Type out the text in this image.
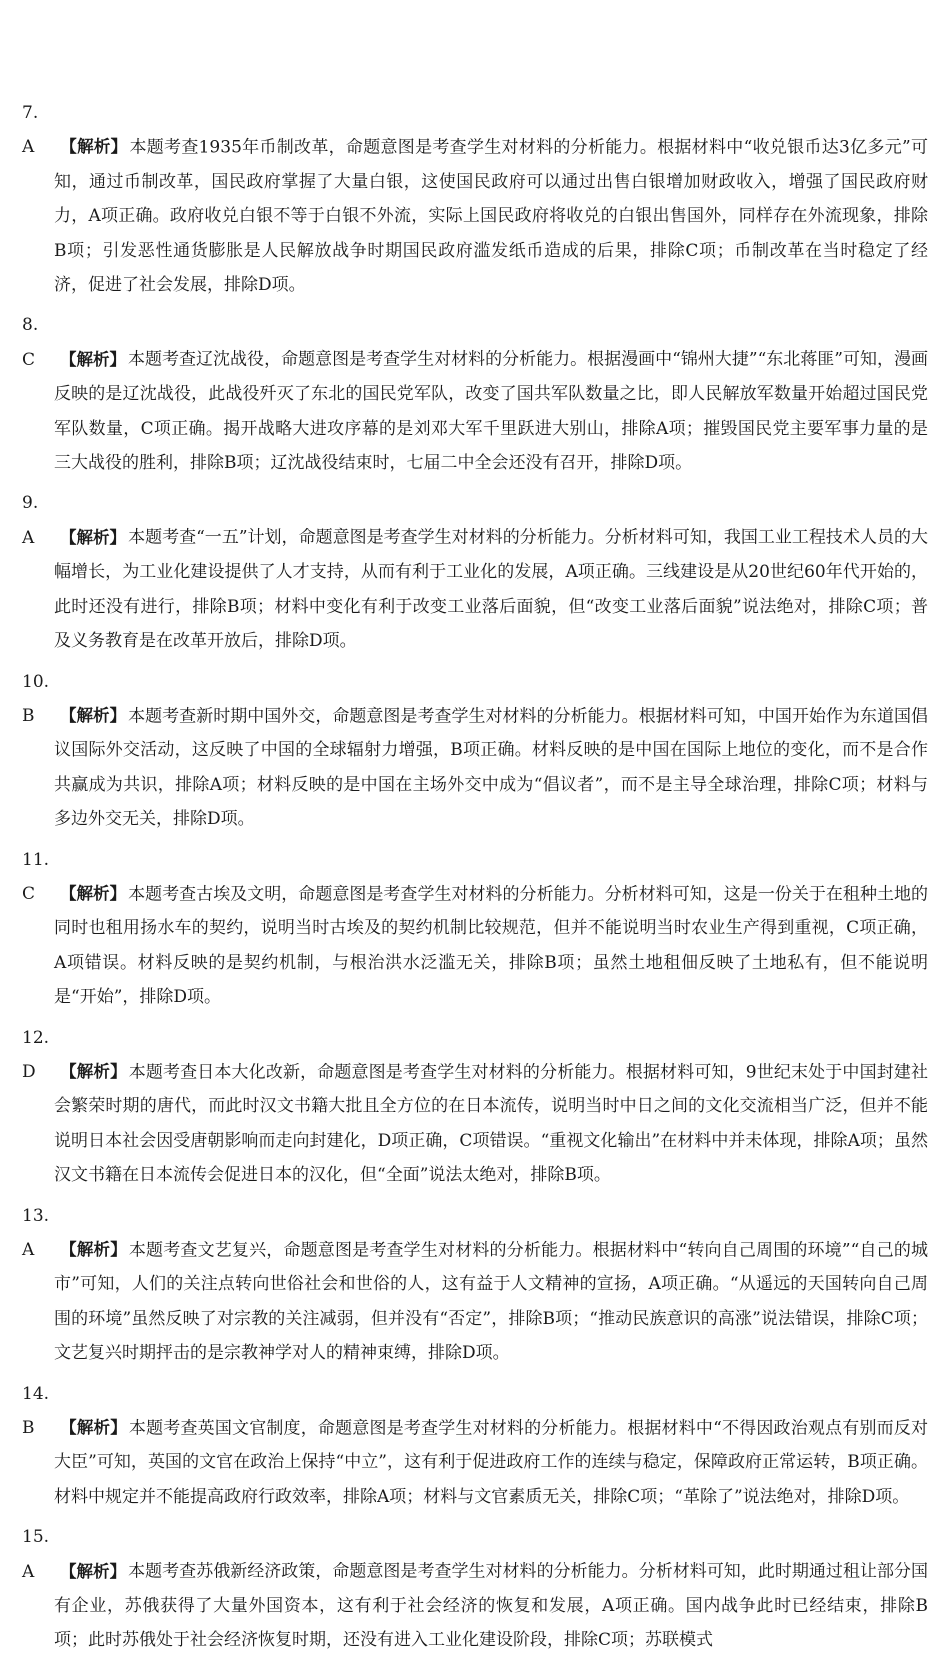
7. A 【解析】 本题考查1935年币制改革，命题意图是考查学生对材料的分析能力。根据材料中“收兑银币达3亿多元”可知，通过币制改革，国民政府掌握了大量白银，这使国民政府可以通过出售白银增加财政收入，增强了国民政府财力，A项正确。政府收兑白银不等于白银不外流，实际上国民政府将收兑的白银出售国外，同样存在外流现象，排除B项；引发恶性通货膨胀是人民解放战争时期国民政府滥发纸币造成的后果，排除C项；币制改革在当时稳定了经济，促进了社会发展，排除D项。

8. C 【解析】 本题考查辽沈战役，命题意图是考查学生对材料的分析能力。根据漫画中“锦州大捷”“东北蒋匪”可知，漫画反映的是辽沈战役，此战役歼灭了东北的国民党军队，改变了国共军队数量之比，即人民解放军数量开始超过国民党军队数量，C项正确。揭开战略大进攻序幕的是刘邓大军千里跃进大别山，排除A项；摧毁国民党主要军事力量的是三大战役的胜利，排除B项；辽沈战役结束时，七届二中全会还没有召开，排除D项。

9. A 【解析】 本题考查“一五”计划，命题意图是考查学生对材料的分析能力。分析材料可知，我国工业工程技术人员的大幅增长，为工业化建设提供了人才支持，从而有利于工业化的发展，A项正确。三线建设是从20世纪60年代开始的，此时还没有进行，排除B项；材料中变化有利于改变工业落后面貌，但“改变工业落后面貌”说法绝对，排除C项；普及义务教育是在改革开放后，排除D项。

10. B 【解析】 本题考查新时期中国外交，命题意图是考查学生对材料的分析能力。根据材料可知，中国开始作为东道国倡议国际外交活动，这反映了中国的全球辐射力增强，B项正确。材料反映的是中国在国际上地位的变化，而不是合作共赢成为共识，排除A项；材料反映的是中国在主场外交中成为“倡议者”，而不是主导全球治理，排除C项；材料与多边外交无关，排除D项。

11. C 【解析】 本题考查古埃及文明，命题意图是考查学生对材料的分析能力。分析材料可知，这是一份关于在租种土地的同时也租用扬水车的契约，说明当时古埃及的契约机制比较规范，但并不能说明当时农业生产得到重视，C项正确，A项错误。材料反映的是契约机制，与根治洪水泛滥无关，排除B项；虽然土地租佃反映了土地私有，但不能说明是“开始”，排除D项。

12. D 【解析】 本题考查日本大化改新，命题意图是考查学生对材料的分析能力。根据材料可知，9世纪末处于中国封建社会繁荣时期的唐代，而此时汉文书籍大批且全方位的在日本流传，说明当时中日之间的文化交流相当广泛，但并不能说明日本社会因受唐朝影响而走向封建化，D项正确，C项错误。“重视文化输出”在材料中并未体现，排除A项；虽然汉文书籍在日本流传会促进日本的汉化，但“全面”说法太绝对，排除B项。

13. A 【解析】 本题考查文艺复兴，命题意图是考查学生对材料的分析能力。根据材料中“转向自己周围的环境”“自己的城市”可知，人们的关注点转向世俗社会和世俗的人，这有益于人文精神的宣扬，A项正确。“从遥远的天国转向自己周围的环境”虽然反映了对宗教的关注减弱，但并没有“否定”，排除B项；“推动民族意识的高涨”说法错误，排除C项；文艺复兴时期抨击的是宗教神学对人的精神束缚，排除D项。

14. B 【解析】 本题考查英国文官制度，命题意图是考查学生对材料的分析能力。根据材料中“不得因政治观点有别而反对大臣”可知，英国的文官在政治上保持“中立”，这有利于促进政府工作的连续与稳定，保障政府正常运转，B项正确。材料中规定并不能提高政府行政效率，排除A项；材料与文官素质无关，排除C项；“革除了”说法绝对，排除D项。

15. A 【解析】 本题考查苏俄新经济政策，命题意图是考查学生对材料的分析能力。分析材料可知，此时期通过租让部分国有企业，苏俄获得了大量外国资本，这有利于社会经济的恢复和发展，A项正确。国内战争此时已经结束，排除B项；此时苏俄处于社会经济恢复时期，还没有进入工业化建设阶段，排除C项；苏联模式
